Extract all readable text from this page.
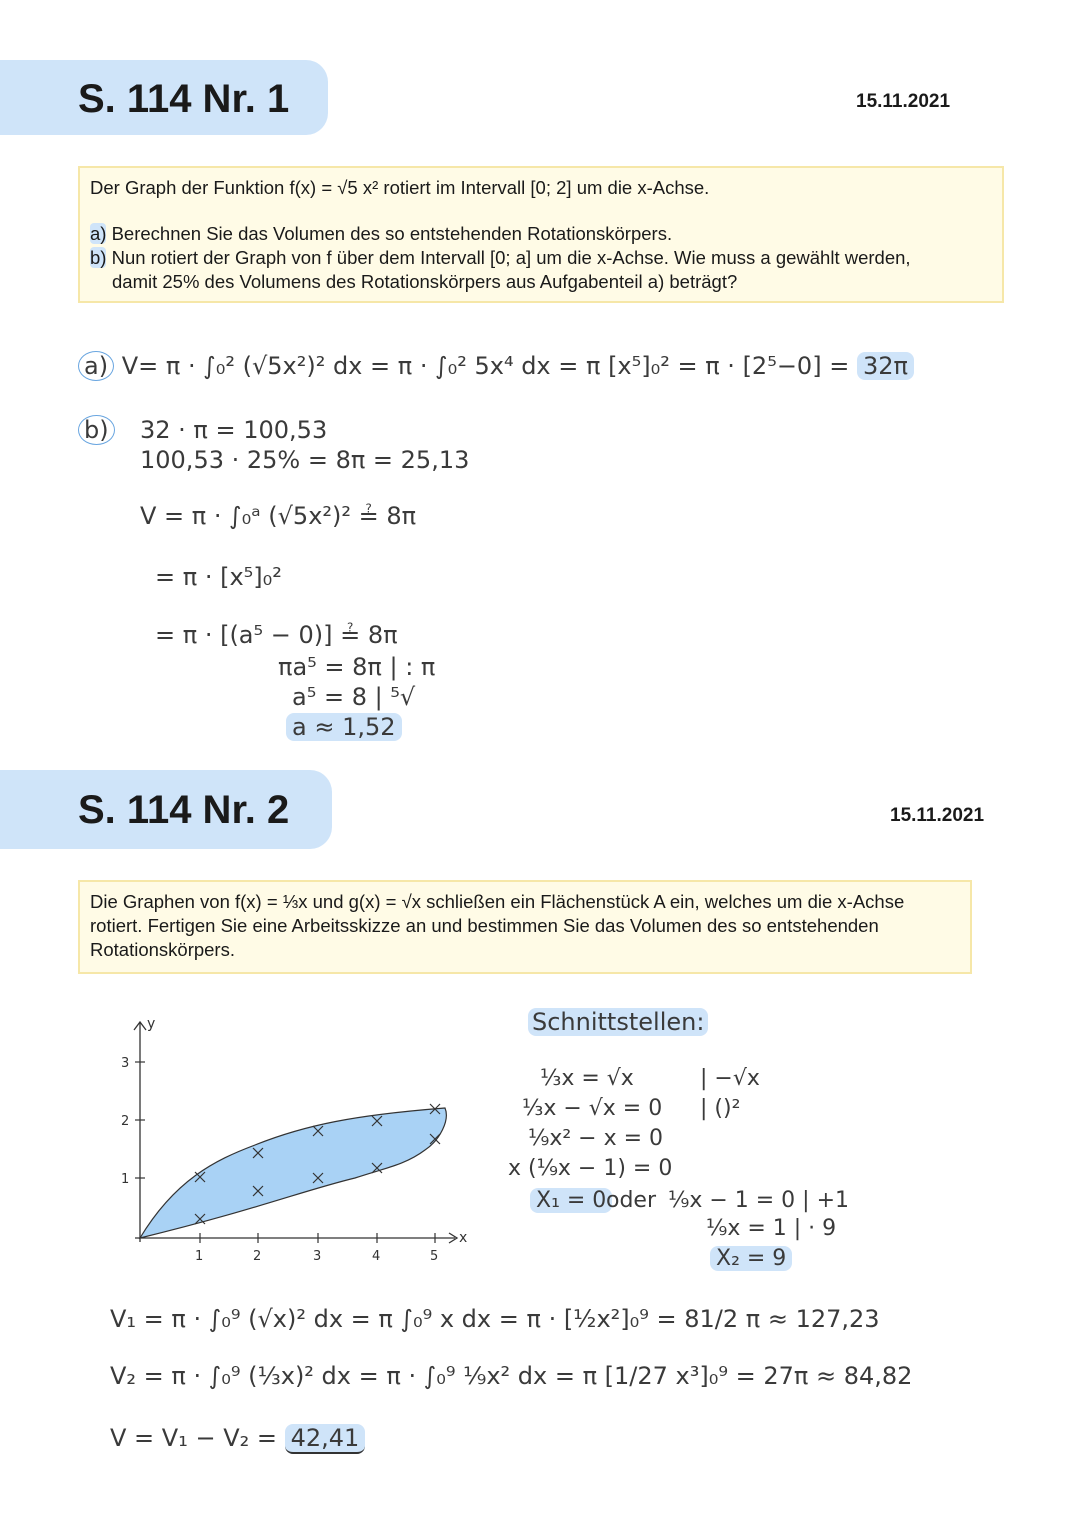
S. 114 Nr. 1	15.11.2021

Der Graph der Funktion f(x) = √5 x² rotiert im Intervall [0; 2] um die x-Achse.

a) Berechnen Sie das Volumen des so entstehenden Rotationskörpers.

b) Nun rotiert der Graph von f über dem Intervall [0; a] um die x-Achse. Wie muss a gewählt werden,

damit 25% des Volumens des Rotationskörpers aus Aufgabenteil a) beträgt?

a) V= π · ∫₀² (√5x²)² dx = π · ∫₀² 5x⁴ dx = π [x⁵]₀² = π · [2⁵−0] = 32π
b) 32 · π = 100,53
100,53 · 25% = 8π = 25,13
V = π · ∫₀ᵃ (√5x²)² ≟ 8π
= π · [x⁵]₀²
= π · [(a⁵ − 0)] ≟ 8π
πa⁵ = 8π | : π
a⁵ = 8 | ⁵√
a ≈ 1,52
S. 114 Nr. 2	15.11.2021

Die Graphen von f(x) = ⅓x und g(x) = √x schließen ein Flächenstück A ein, welches um die x-Achse

rotiert. Fertigen Sie eine Arbeitsskizze an und bestimmen Sie das Volumen des so entstehenden

Rotationskörpers.

y
x
1	2	3	4	5
1
2
3
Schnittstellen:
⅓x = √x	| −√x
⅓x − √x = 0 | ()²
⅑x² − x = 0
x (⅑x − 1) = 0
X₁ = 0 oder ⅑x − 1 = 0 | +1
⅑x = 1 | · 9
X₂ = 9
V₁ = π · ∫₀⁹ (√x)² dx = π ∫₀⁹ x dx = π · [½x²]₀⁹ = 81/2 π ≈ 127,23
V₂ = π · ∫₀⁹ (⅓x)² dx = π · ∫₀⁹ ⅑x² dx = π [1/27 x³]₀⁹ = 27π ≈ 84,82
V = V₁ − V₂ = 42,41
